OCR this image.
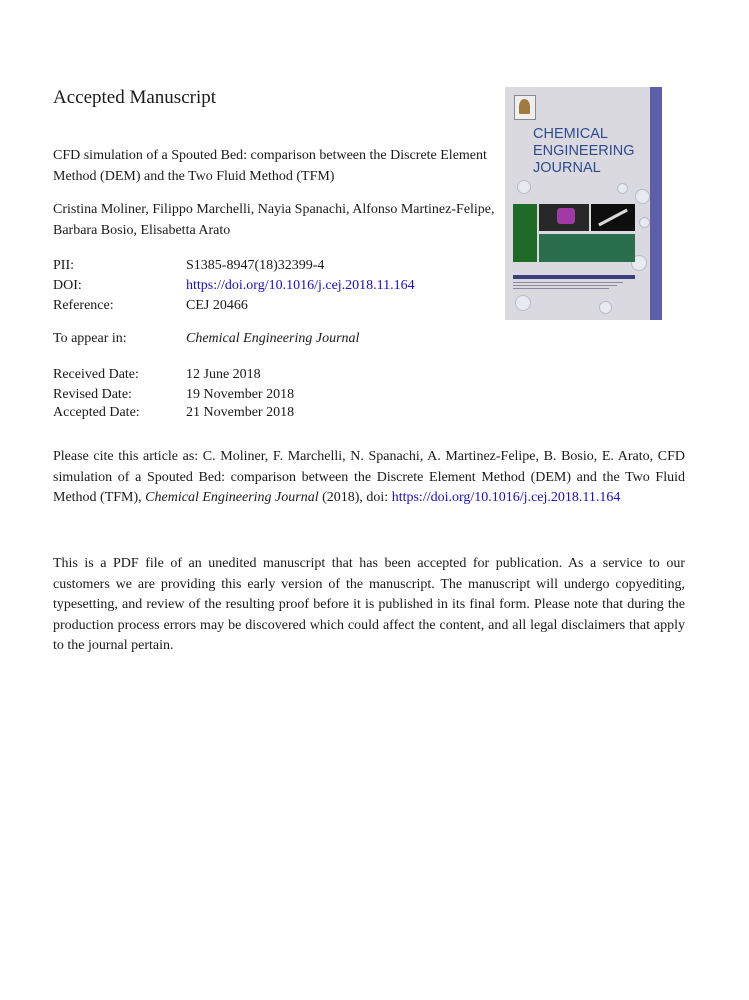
Accepted Manuscript
CFD simulation of a Spouted Bed: comparison between the Discrete Element Method (DEM) and the Two Fluid Method (TFM)
Cristina Moliner, Filippo Marchelli, Nayia Spanachi, Alfonso Martinez-Felipe, Barbara Bosio, Elisabetta Arato
PII:	S1385-8947(18)32399-4
DOI:	https://doi.org/10.1016/j.cej.2018.11.164
Reference:	CEJ 20466
To appear in:	Chemical Engineering Journal
Received Date:	12 June 2018
Revised Date:	19 November 2018
Accepted Date:	21 November 2018
Please cite this article as: C. Moliner, F. Marchelli, N. Spanachi, A. Martinez-Felipe, B. Bosio, E. Arato, CFD simulation of a Spouted Bed: comparison between the Discrete Element Method (DEM) and the Two Fluid Method (TFM), Chemical Engineering Journal (2018), doi: https://doi.org/10.1016/j.cej.2018.11.164
This is a PDF file of an unedited manuscript that has been accepted for publication. As a service to our customers we are providing this early version of the manuscript. The manuscript will undergo copyediting, typesetting, and review of the resulting proof before it is published in its final form. Please note that during the production process errors may be discovered which could affect the content, and all legal disclaimers that apply to the journal pertain.
CHEMICAL
ENGINEERING
JOURNAL
